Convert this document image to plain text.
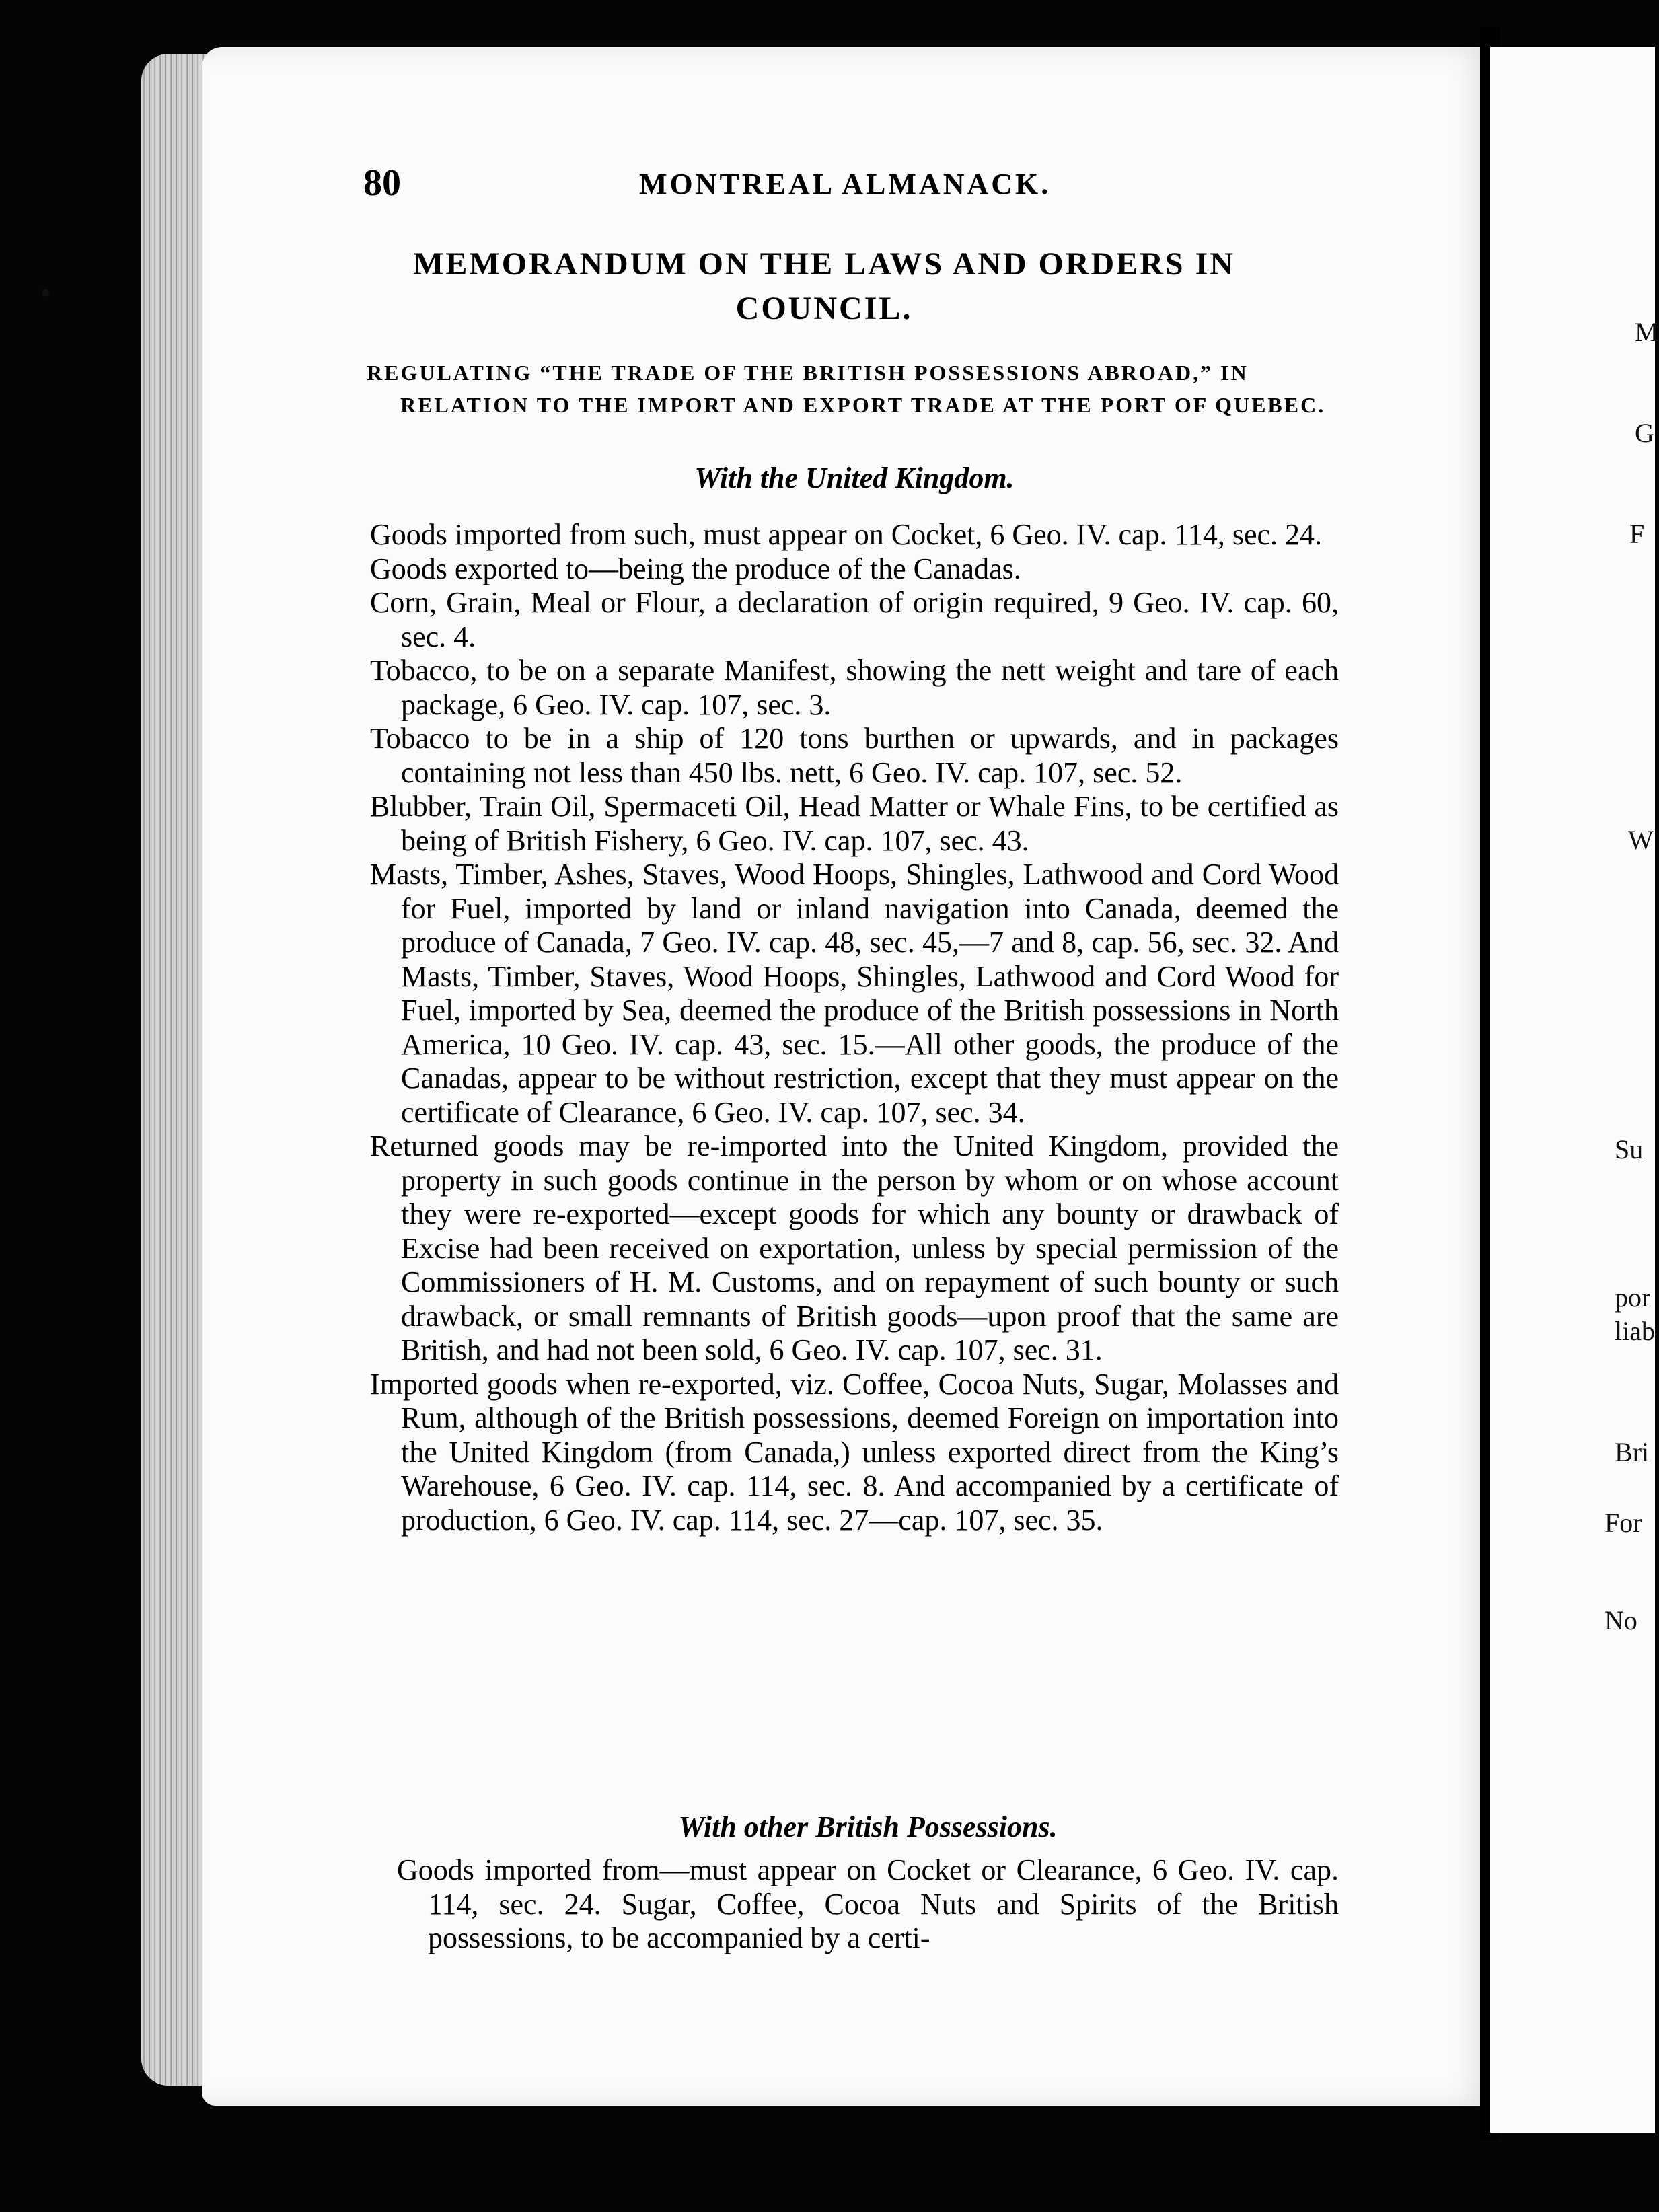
•
80	MONTREAL ALMANACK.
MEMORANDUM ON THE LAWS AND ORDERS IN COUNCIL.
REGULATING “THE TRADE OF THE BRITISH POSSESSIONS ABROAD,” IN RELATION TO THE IMPORT AND EXPORT TRADE AT THE PORT OF QUEBEC.
With the United Kingdom.

Goods imported from such, must appear on Cocket, 6 Geo. IV. cap. 114, sec. 24.

Goods exported to—being the produce of the Canadas.

Corn, Grain, Meal or Flour, a declaration of origin required, 9 Geo. IV. cap. 60, sec. 4.

Tobacco, to be on a separate Manifest, showing the nett weight and tare of each package, 6 Geo. IV. cap. 107, sec. 3.

Tobacco to be in a ship of 120 tons burthen or upwards, and in packages containing not less than 450 lbs. nett, 6 Geo. IV. cap. 107, sec. 52.

Blubber, Train Oil, Spermaceti Oil, Head Matter or Whale Fins, to be certified as being of British Fishery, 6 Geo. IV. cap. 107, sec. 43.

Masts, Timber, Ashes, Staves, Wood Hoops, Shingles, Lathwood and Cord Wood for Fuel, imported by land or inland navigation into Canada, deemed the produce of Canada, 7 Geo. IV. cap. 48, sec. 45,—7 and 8, cap. 56, sec. 32. And Masts, Timber, Staves, Wood Hoops, Shingles, Lathwood and Cord Wood for Fuel, imported by Sea, deemed the produce of the British possessions in North America, 10 Geo. IV. cap. 43, sec. 15.—All other goods, the produce of the Canadas, appear to be without restriction, except that they must appear on the certificate of Clearance, 6 Geo. IV. cap. 107, sec. 34.

Returned goods may be re-imported into the United Kingdom, provided the property in such goods continue in the person by whom or on whose account they were re-exported—except goods for which any bounty or drawback of Excise had been received on exportation, unless by special permission of the Commissioners of H. M. Customs, and on repayment of such bounty or such drawback, or small remnants of British goods—upon proof that the same are British, and had not been sold, 6 Geo. IV. cap. 107, sec. 31.

Imported goods when re-exported, viz. Coffee, Cocoa Nuts, Sugar, Molasses and Rum, although of the British possessions, deemed Foreign on importation into the United Kingdom (from Canada,) unless exported direct from the King’s Warehouse, 6 Geo. IV. cap. 114, sec. 8. And accompanied by a certificate of production, 6 Geo. IV. cap. 114, sec. 27—cap. 107, sec. 35.

With other British Possessions.

Goods imported from—must appear on Cocket or Clearance, 6 Geo. IV. cap. 114, sec. 24. Sugar, Coffee, Cocoa Nuts and Spirits of the British possessions, to be accompanied by a certi-

M
G
F
W
Su
por
liab
Bri
For
No
